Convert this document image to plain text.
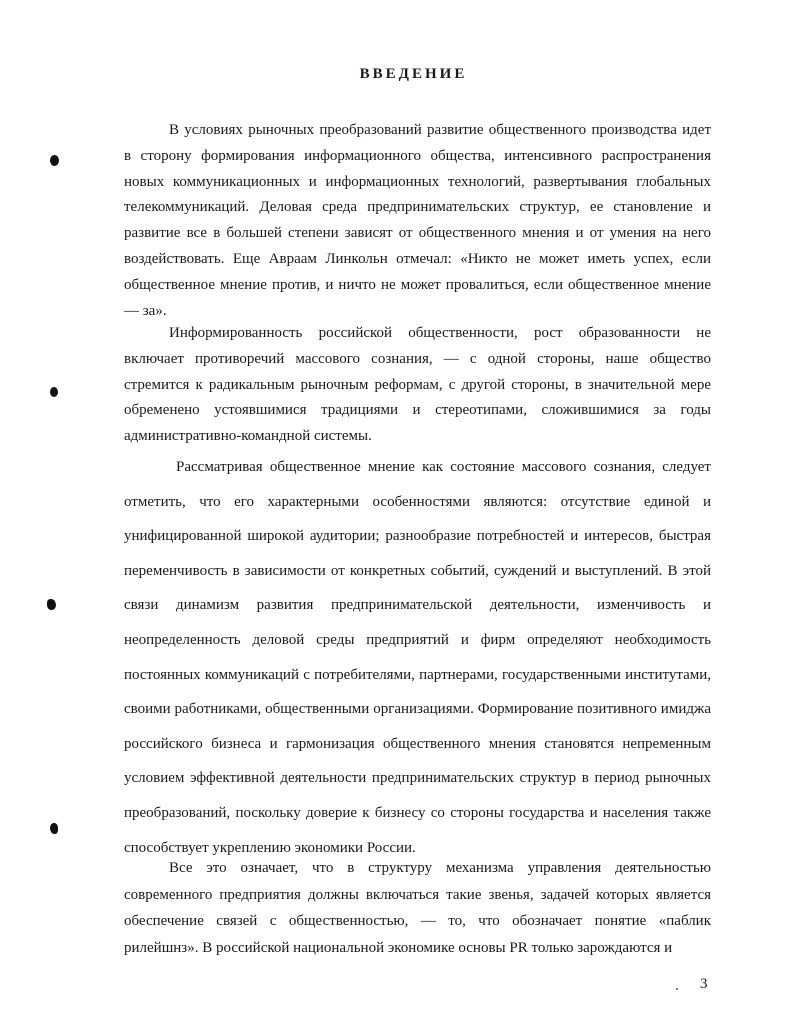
ВВЕДЕНИЕ

В условиях рыночных преобразований развитие общественного производства идет в сторону формирования информационного общества, интенсивного распространения новых коммуникационных и информационных технологий, развертывания глобальных телекоммуникаций. Деловая среда предпринимательских структур, ее становление и развитие все в большей степени зависят от общественного мнения и от умения на него воздействовать. Еще Авраам Линкольн отмечал: «Никто не может иметь успех, если общественное мнение против, и ничто не может провалиться, если общественное мнение — за».

Информированность российской общественности, рост образованности не включает противоречий массового сознания, — с одной стороны, наше общество стремится к радикальным рыночным реформам, с другой стороны, в значительной мере обременено устоявшимися традициями и стереотипами, сложившимися за годы административно-командной системы.

Рассматривая общественное мнение как состояние массового сознания, следует отметить, что его характерными особенностями являются: отсутствие единой и унифицированной широкой аудитории; разнообразие потребностей и интересов, быстрая переменчивость в зависимости от конкретных событий, суждений и выступлений. В этой связи динамизм развития предпринимательской деятельности, изменчивость и неопределенность деловой среды предприятий и фирм определяют необходимость постоянных коммуникаций с потребителями, партнерами, государственными институтами, своими работниками, общественными организациями. Формирование позитивного имиджа российского бизнеса и гармонизация общественного мнения становятся непременным условием эффективной деятельности предпринимательских структур в период рыночных преобразований, поскольку доверие к бизнесу со стороны государства и населения также способствует укреплению экономики России.

Все это означает, что в структуру механизма управления деятельностью современного предприятия должны включаться такие звенья, задачей которых является обеспечение связей с общественностью, — то, что обозначает понятие «паблик рилейшнз». В российской национальной экономике основы PR только зарождаются и

3
